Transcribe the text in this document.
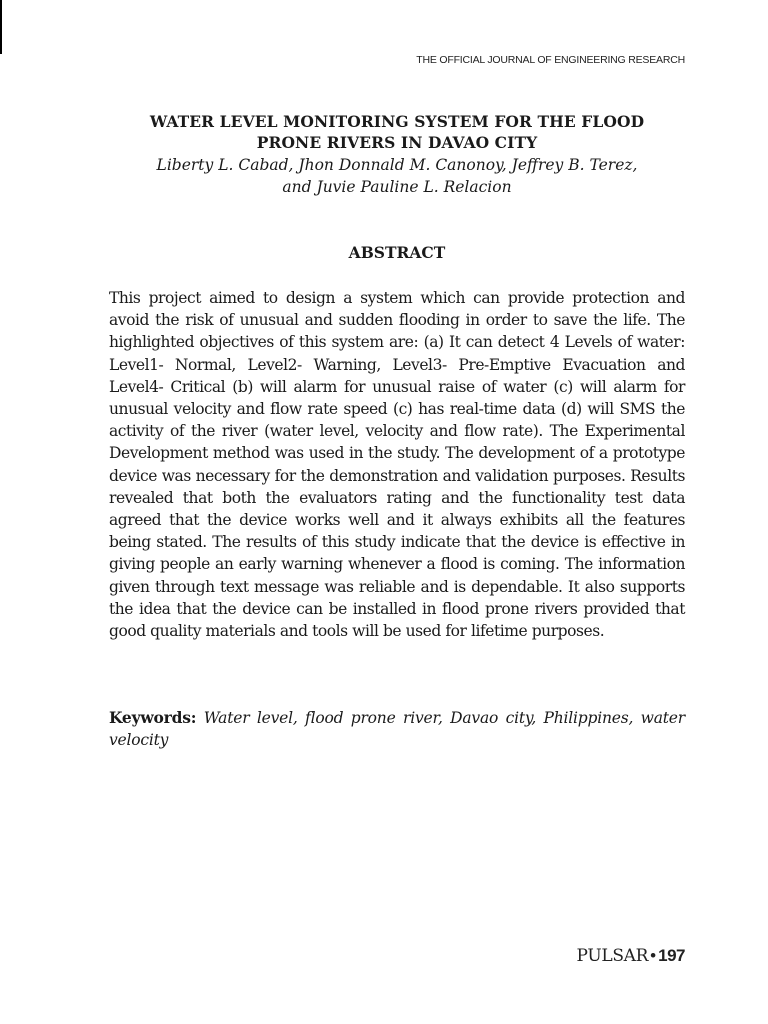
THE OFFICIAL JOURNAL OF ENGINEERING RESEARCH
WATER LEVEL MONITORING SYSTEM FOR THE FLOOD
PRONE RIVERS IN DAVAO CITY
Liberty L. Cabad, Jhon Donnald M. Canonoy, Jeffrey B. Terez,
and Juvie Pauline L. Relacion
ABSTRACT

This project aimed to design a system which can provide protection and avoid the risk of unusual and sudden flooding in order to save the life. The highlighted objectives of this system are: (a) It can detect 4 Levels of water: Level1- Normal, Level2- Warning, Level3- Pre-Emptive Evacuation and Level4- Critical (b) will alarm for unusual raise of water (c) will alarm for unusual velocity and flow rate speed (c) has real-time data (d) will SMS the activity of the river (water level, velocity and flow rate). The Experimental Development method was used in the study. The development of a prototype device was necessary for the demonstration and validation purposes. Results revealed that both the evaluators rating and the functionality test data agreed that the device works well and it always exhibits all the features being stated. The results of this study indicate that the device is effective in giving people an early warning whenever a flood is coming. The information given through text message was reliable and is dependable. It also supports the idea that the device can be installed in flood prone rivers provided that good quality materials and tools will be used for lifetime purposes.

Keywords: Water level, flood prone river, Davao city, Philippines, water velocity

PULSAR • 197
